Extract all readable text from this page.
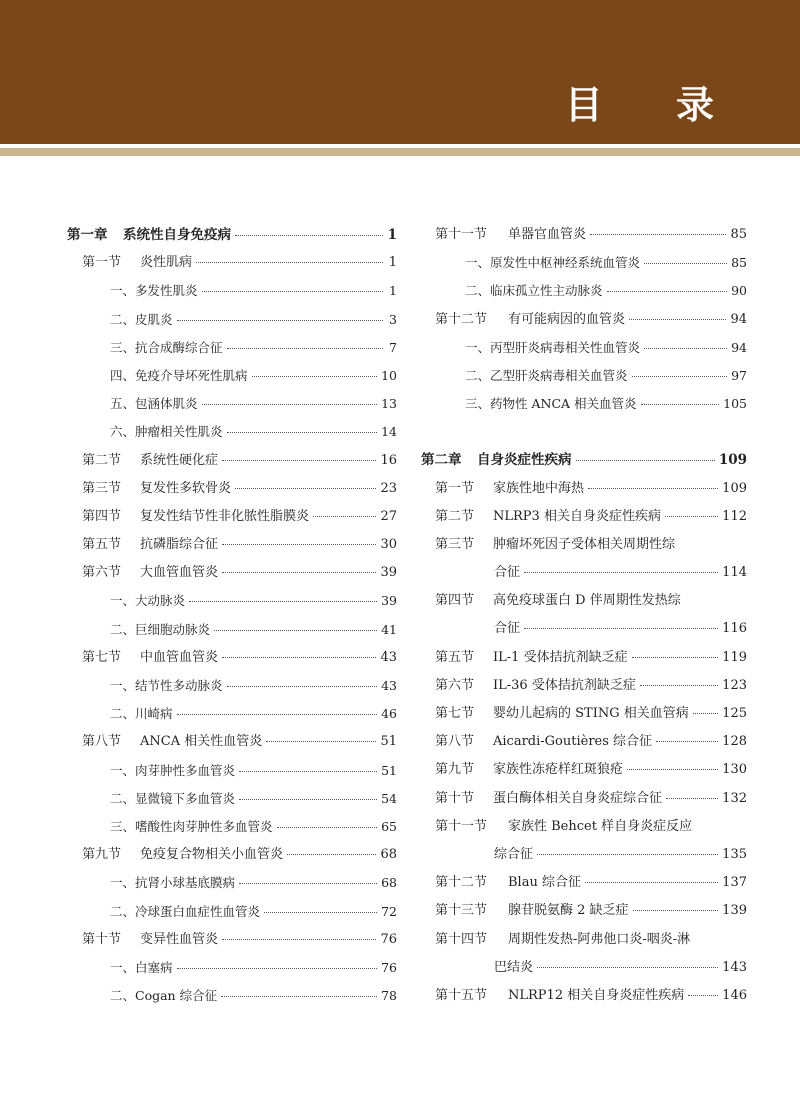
目 录
第一章	系统性自身免疫病	1
第一节	炎性肌病	1
一、多发性肌炎	1
二、皮肌炎	3
三、抗合成酶综合征	7
四、免疫介导坏死性肌病	10
五、包涵体肌炎	13
六、肿瘤相关性肌炎	14
第二节	系统性硬化症	16
第三节	复发性多软骨炎	23
第四节	复发性结节性非化脓性脂膜炎	27
第五节	抗磷脂综合征	30
第六节	大血管血管炎	39
一、大动脉炎	39
二、巨细胞动脉炎	41
第七节	中血管血管炎	43
一、结节性多动脉炎	43
二、川崎病	46
第八节	ANCA 相关性血管炎	51
一、肉芽肿性多血管炎	51
二、显微镜下多血管炎	54
三、嗜酸性肉芽肿性多血管炎	65
第九节	免疫复合物相关小血管炎	68
一、抗肾小球基底膜病	68
二、冷球蛋白血症性血管炎	72
第十节	变异性血管炎	76
一、白塞病	76
二、Cogan 综合征	78
第十一节	单器官血管炎	85
一、原发性中枢神经系统血管炎	85
二、临床孤立性主动脉炎	90
第十二节	有可能病因的血管炎	94
一、丙型肝炎病毒相关性血管炎	94
二、乙型肝炎病毒相关血管炎	97
三、药物性 ANCA 相关血管炎	105
第二章	自身炎症性疾病	109
第一节	家族性地中海热	109
第二节	NLRP3 相关自身炎症性疾病	112
第三节	肿瘤坏死因子受体相关周期性综
合征	114
第四节	高免疫球蛋白 D 伴周期性发热综
合征	116
第五节	IL-1 受体拮抗剂缺乏症	119
第六节	IL-36 受体拮抗剂缺乏症	123
第七节	婴幼儿起病的 STING 相关血管病	125
第八节	Aicardi-Goutières 综合征	128
第九节	家族性冻疮样红斑狼疮	130
第十节	蛋白酶体相关自身炎症综合征	132
第十一节	家族性 Behcet 样自身炎症反应
综合征	135
第十二节	Blau 综合征	137
第十三节	腺苷脱氨酶 2 缺乏症	139
第十四节	周期性发热-阿弗他口炎-咽炎-淋
巴结炎	143
第十五节	NLRP12 相关自身炎症性疾病	146
